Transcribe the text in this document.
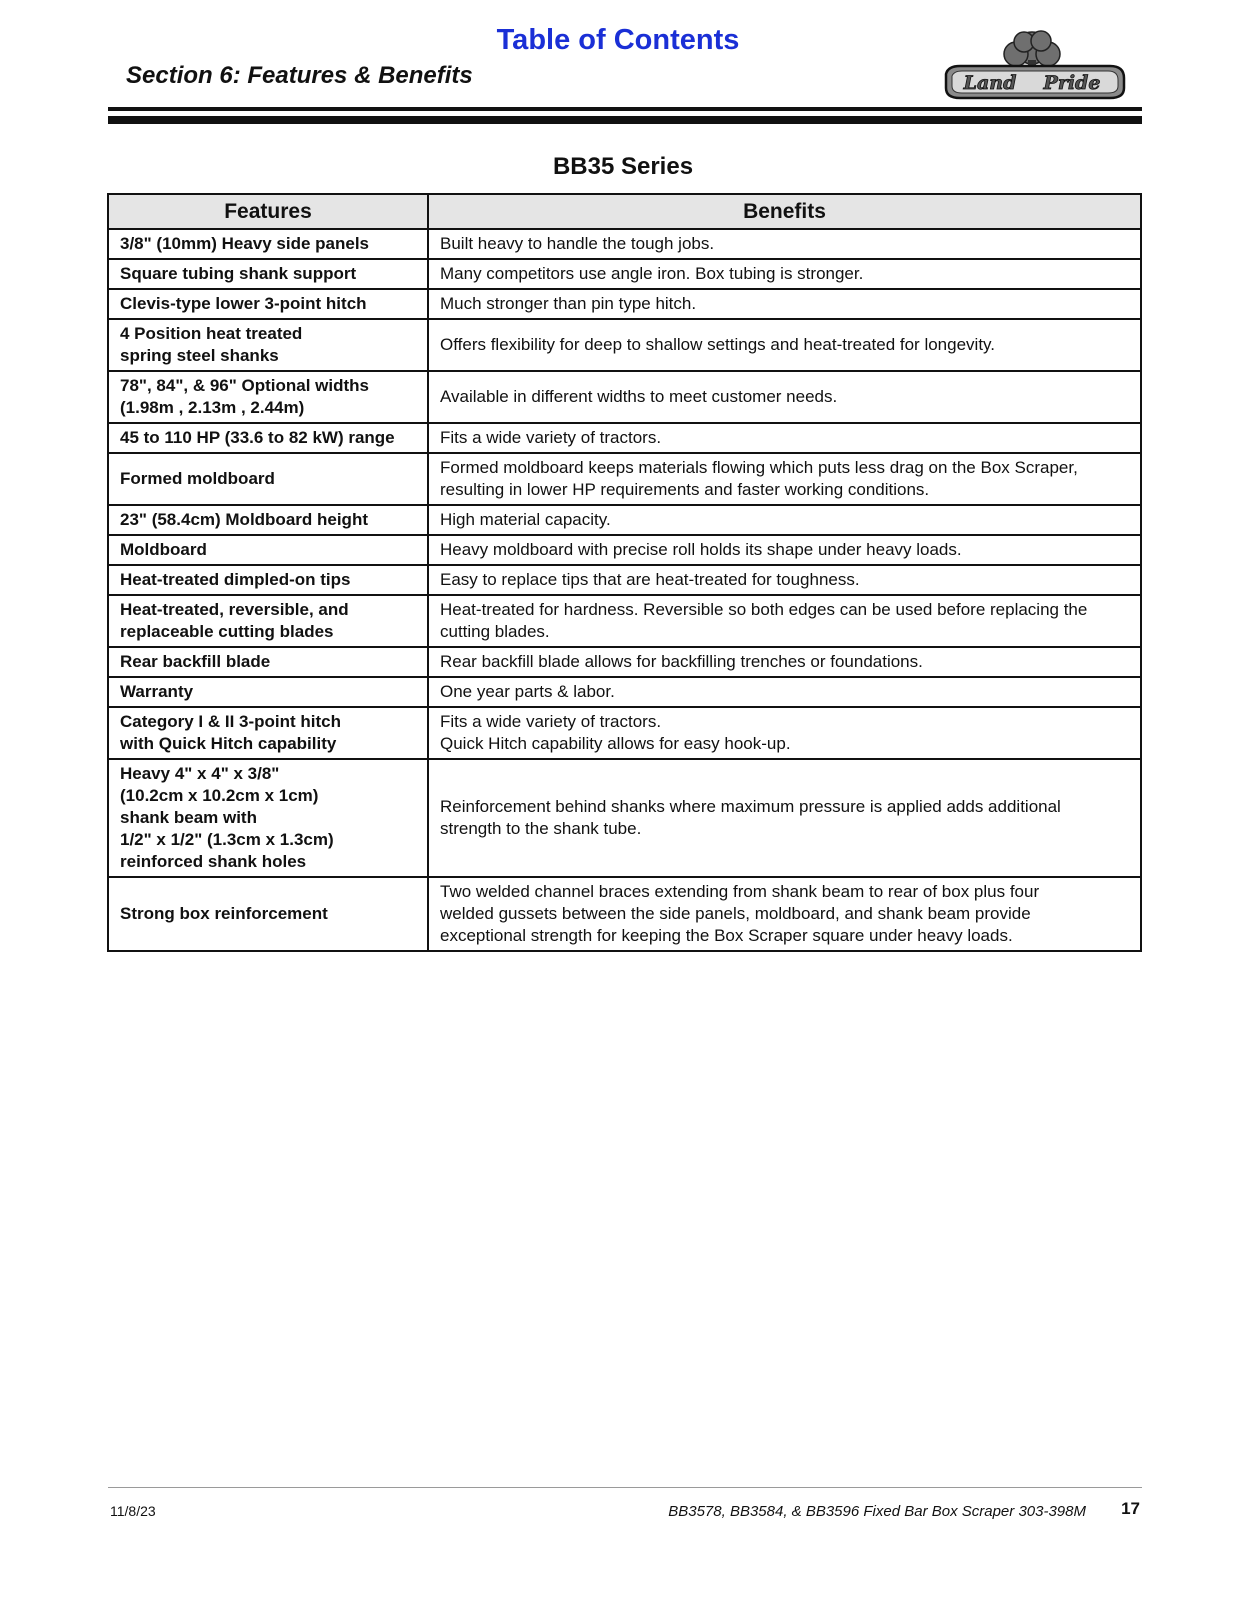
Table of Contents
Section 6: Features & Benefits	Land Pride
BB35 Series
Features	Benefits
3/8" (10mm) Heavy side panels	Built heavy to handle the tough jobs.
Square tubing shank support	Many competitors use angle iron. Box tubing is stronger.
Clevis-type lower 3-point hitch	Much stronger than pin type hitch.
4 Position heat treated
spring steel shanks	Offers flexibility for deep to shallow settings and heat-treated for longevity.
78", 84", & 96" Optional widths
(1.98m , 2.13m , 2.44m)	Available in different widths to meet customer needs.
45 to 110 HP (33.6 to 82 kW) range	Fits a wide variety of tractors.
Formed moldboard	Formed moldboard keeps materials flowing which puts less drag on the Box Scraper,
resulting in lower HP requirements and faster working conditions.
23" (58.4cm) Moldboard height	High material capacity.
Moldboard	Heavy moldboard with precise roll holds its shape under heavy loads.
Heat-treated dimpled-on tips	Easy to replace tips that are heat-treated for toughness.
Heat-treated, reversible, and
replaceable cutting blades	Heat-treated for hardness. Reversible so both edges can be used before replacing the
cutting blades.
Rear backfill blade	Rear backfill blade allows for backfilling trenches or foundations.
Warranty	One year parts & labor.
Category I & II 3-point hitch
with Quick Hitch capability	Fits a wide variety of tractors.
Quick Hitch capability allows for easy hook-up.
Heavy 4" x 4" x 3/8"
(10.2cm x 10.2cm x 1cm)
shank beam with
1/2" x 1/2" (1.3cm x 1.3cm)
reinforced shank holes	Reinforcement behind shanks where maximum pressure is applied adds additional
strength to the shank tube.
Strong box reinforcement	Two welded channel braces extending from shank beam to rear of box plus four
welded gussets between the side panels, moldboard, and shank beam provide
exceptional strength for keeping the Box Scraper square under heavy loads.
11/8/23	BB3578, BB3584, & BB3596 Fixed Bar Box Scraper 303-398M 17
